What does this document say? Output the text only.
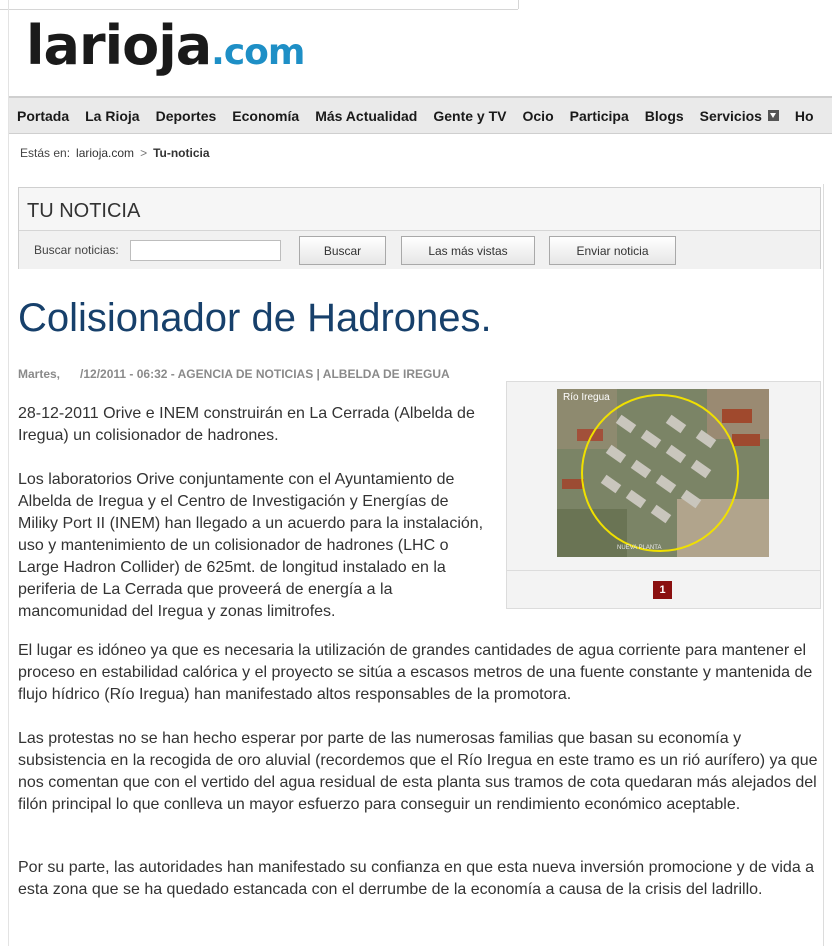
larioja .com
Portada	La Rioja	Deportes	Economía	Más Actualidad	Gente y TV	Ocio	Participa	Blogs	Servicios	Ho
Estás en: larioja.com > Tu-noticia
TU NOTICIA
Buscar noticias:	Buscar	Las más vistas	Enviar noticia
Colisionador de Hadrones.
Martes,      /12/2011 - 06:32 - AGENCIA DE NOTICIAS | ALBELDA DE IREGUA
NUEVA PLANTA
Río Iregua
1

28-12-2011 Orive e INEM construirán en La Cerrada (Albelda de Iregua) un colisionador de hadrones.

Los laboratorios Orive conjuntamente con el Ayuntamiento de Albelda de Iregua y el Centro de Investigación y Energías de Miliky Port II (INEM) han llegado a un acuerdo para la instalación, uso y mantenimiento de un colisionador de hadrones (LHC o Large Hadron Collider) de 625mt. de longitud instalado en la periferia de La Cerrada que proveerá de energía a la mancomunidad del Iregua y zonas limitrofes.

El lugar es idóneo ya que es necesaria la utilización de grandes cantidades de agua corriente para mantener el proceso en estabilidad calórica y el proyecto se sitúa a escasos metros de una fuente constante y mantenida de flujo hídrico (Río Iregua) han manifestado altos responsables de la promotora.

Las protestas no se han hecho esperar por parte de las numerosas familias que basan su economía y subsistencia en la recogida de oro aluvial (recordemos que el Río Iregua en este tramo es un rió aurífero) ya que nos comentan que con el vertido del agua residual de esta planta sus tramos de cota quedaran más alejados del filón principal lo que conlleva un mayor esfuerzo para conseguir un rendimiento económico aceptable.

Por su parte, las autoridades han manifestado su confianza en que esta nueva inversión promocione y de vida a esta zona que se ha quedado estancada con el derrumbe de la economía a causa de la crisis del ladrillo.
